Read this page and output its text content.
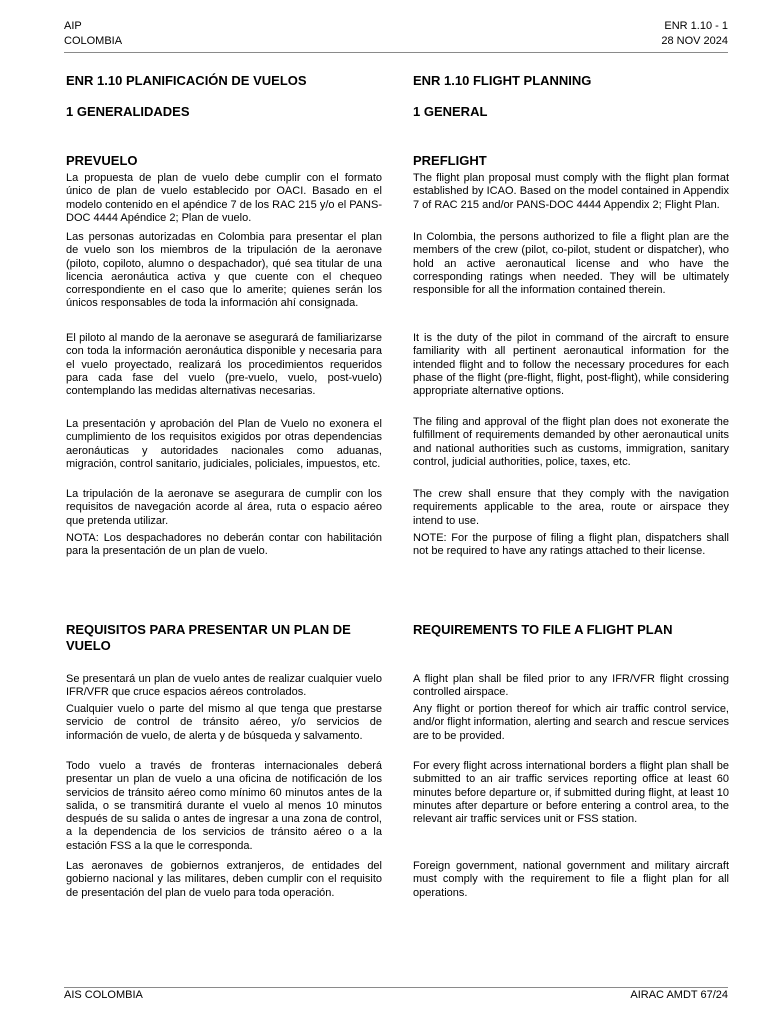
AIP
COLOMBIA
ENR 1.10 - 1
28 NOV 2024
ENR 1.10 PLANIFICACIÓN DE VUELOS
1 GENERALIDADES
PREVUELO

La propuesta de plan de vuelo debe cumplir con el formato único de plan de vuelo establecido por OACI. Basado en el modelo contenido en el apéndice 7 de los RAC 215 y/o el PANS-DOC 4444 Apéndice 2; Plan de vuelo.

Las personas autorizadas en Colombia para presentar el plan de vuelo son los miembros de la tripulación de la aeronave (piloto, copiloto, alumno o despachador), qué sea titular de una licencia aeronáutica activa y que cuente con el chequeo correspondiente en el caso que lo amerite; quienes serán los únicos responsables de toda la información ahí consignada.

El piloto al mando de la aeronave se asegurará de familiarizarse con toda la información aeronáutica disponible y necesaria para el vuelo proyectado, realizará los procedimientos requeridos para cada fase del vuelo (pre-vuelo, vuelo, post-vuelo) contemplando las medidas alternativas necesarias.

La presentación y aprobación del Plan de Vuelo no exonera el cumplimiento de los requisitos exigidos por otras dependencias aeronáuticas y autoridades nacionales como aduanas, migración, control sanitario, judiciales, policiales, impuestos, etc.

La tripulación de la aeronave se asegurara de cumplir con los requisitos de navegación acorde al área, ruta o espacio aéreo que pretenda utilizar.

NOTA: Los despachadores no deberán contar con habilitación para la presentación de un plan de vuelo.

REQUISITOS PARA PRESENTAR UN PLAN DE VUELO

Se presentará un plan de vuelo antes de realizar cualquier vuelo IFR/VFR que cruce espacios aéreos controlados.

Cualquier vuelo o parte del mismo al que tenga que prestarse servicio de control de tránsito aéreo, y/o servicios de información de vuelo, de alerta y de búsqueda y salvamento.

Todo vuelo a través de fronteras internacionales deberá presentar un plan de vuelo a una oficina de notificación de los servicios de tránsito aéreo como mínimo 60 minutos antes de la salida, o se transmitirá durante el vuelo al menos 10 minutos después de su salida o antes de ingresar a una zona de control, a la dependencia de los servicios de tránsito aéreo o a la estación FSS a la que le corresponda.

Las aeronaves de gobiernos extranjeros, de entidades del gobierno nacional y las militares, deben cumplir con el requisito de presentación del plan de vuelo para toda operación.

ENR 1.10 FLIGHT PLANNING
1 GENERAL
PREFLIGHT

The flight plan proposal must comply with the flight plan format established by ICAO. Based on the model contained in Appendix 7 of RAC 215 and/or PANS-DOC 4444 Appendix 2; Flight Plan.

In Colombia, the persons authorized to file a flight plan are the members of the crew (pilot, co-pilot, student or dispatcher), who hold an active aeronautical license and who have the corresponding ratings when needed. They will be ultimately responsible for all the information contained therein.

It is the duty of the pilot in command of the aircraft to ensure familiarity with all pertinent aeronautical information for the intended flight and to follow the necessary procedures for each phase of the flight (pre-flight, flight, post-flight), while considering appropriate alternative options.

The filing and approval of the flight plan does not exonerate the fulfillment of requirements demanded by other aeronautical units and national authorities such as customs, immigration, sanitary control, judicial authorities, police, taxes, etc.

The crew shall ensure that they comply with the navigation requirements applicable to the area, route or airspace they intend to use.

NOTE: For the purpose of filing a flight plan, dispatchers shall not be required to have any ratings attached to their license.

REQUIREMENTS TO FILE A FLIGHT PLAN

A flight plan shall be filed prior to any IFR/VFR flight crossing controlled airspace.

Any flight or portion thereof for which air traffic control service, and/or flight information, alerting and search and rescue services are to be provided.

For every flight across international borders a flight plan shall be submitted to an air traffic services reporting office at least 60 minutes before departure or, if submitted during flight, at least 10 minutes after departure or before entering a control area, to the relevant air traffic services unit or FSS station.

Foreign government, national government and military aircraft must comply with the requirement to file a flight plan for all operations.

AIS COLOMBIA	AIRAC AMDT 67/24
